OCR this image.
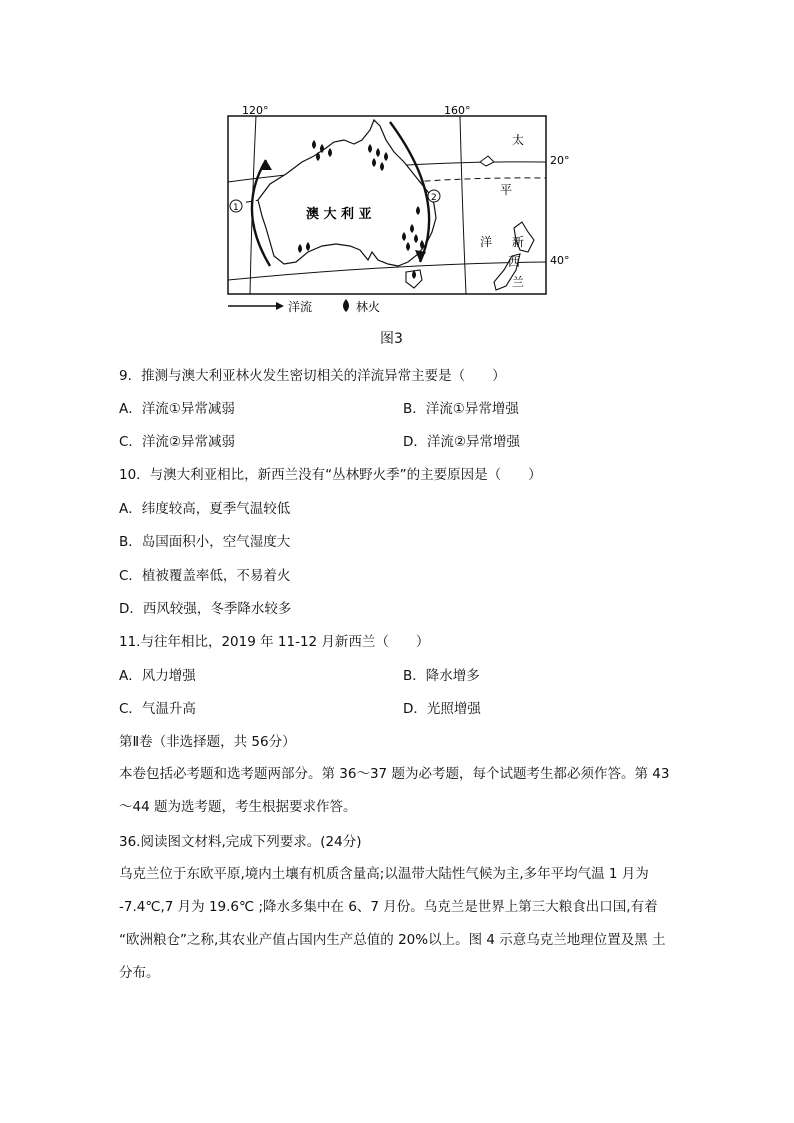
120°	160°
20°
40°
1
2
澳 大 利 亚
太
平
洋 新
西
兰
洋流	林火
图3
9．推测与澳大利亚林火发生密切相关的洋流异常主要是（　　）
A．洋流①异常减弱	B．洋流①异常增强
C．洋流②异常减弱	D．洋流②异常增强
10．与澳大利亚相比，新西兰没有“丛林野火季”的主要原因是（　　）
A．纬度较高，夏季气温较低
B．岛国面积小，空气湿度大
C．植被覆盖率低，不易着火
D．西风较强，冬季降水较多
11.与往年相比，2019 年 11-12 月新西兰（　　）
A．风力增强	B．降水增多
C．气温升高	D．光照增强
第Ⅱ卷（非选择题，共 56分）
本卷包括必考题和选考题两部分。第 36～37 题为必考题，每个试题考生都必须作答。第 43～44 题为选考题，考生根据要求作答。
36.阅读图文材料,完成下列要求。(24分)
乌克兰位于东欧平原,境内土壤有机质含量高;以温带大陆性气候为主,多年平均气温 1 月为 -7.4℃,7 月为 19.6℃ ;降水多集中在 6、7 月份。乌克兰是世界上第三大粮食出口国,有着 “欧洲粮仓”之称,其农业产值占国内生产总值的 20%以上。图 4 示意乌克兰地理位置及黑 土分布。
